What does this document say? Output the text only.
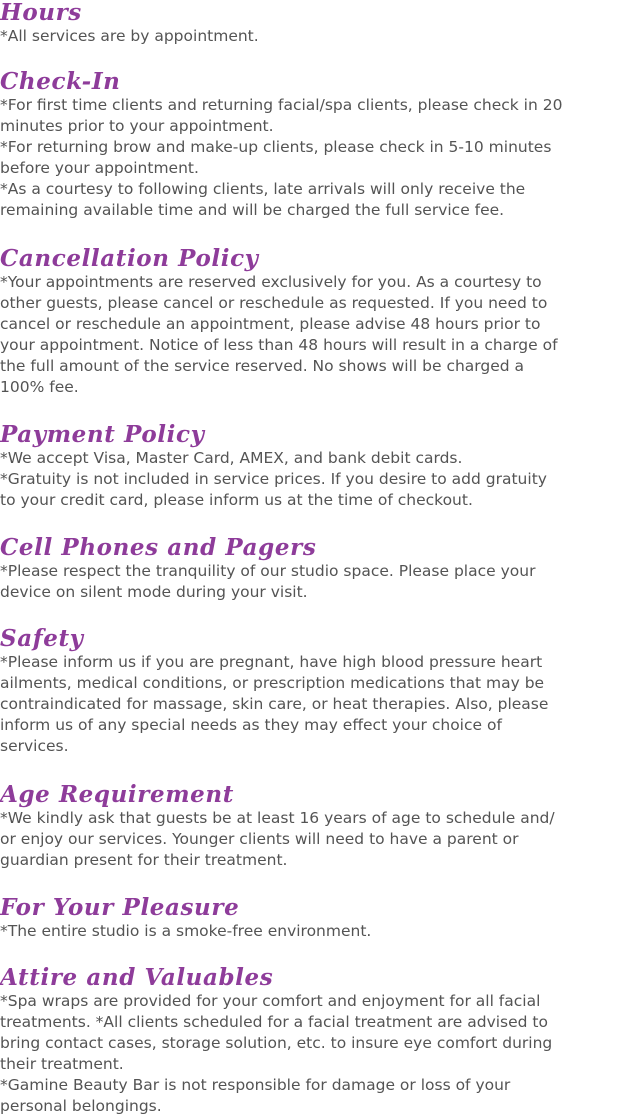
Hours

*All services are by appointment.

Check-In

*For first time clients and returning facial/spa clients, please check in 20
minutes prior to your appointment.

*For returning brow and make-up clients, please check in 5-10 minutes
before your appointment.

*As a courtesy to following clients, late arrivals will only receive the
remaining available time and will be charged the full service fee.

Cancellation Policy

*Your appointments are reserved exclusively for you. As a courtesy to
other guests, please cancel or reschedule as requested. If you need to
cancel or reschedule an appointment, please advise 48 hours prior to
your appointment. Notice of less than 48 hours will result in a charge of
the full amount of the service reserved. No shows will be charged a
100% fee.

Payment Policy

*We accept Visa, Master Card, AMEX, and bank debit cards.

*Gratuity is not included in service prices. If you desire to add gratuity
to your credit card, please inform us at the time of checkout.

Cell Phones and Pagers

*Please respect the tranquility of our studio space. Please place your
device on silent mode during your visit.

Safety

*Please inform us if you are pregnant, have high blood pressure heart
ailments, medical conditions, or prescription medications that may be
contraindicated for massage, skin care, or heat therapies. Also, please
inform us of any special needs as they may effect your choice of
services.

Age Requirement

*We kindly ask that guests be at least 16 years of age to schedule and/
or enjoy our services. Younger clients will need to have a parent or
guardian present for their treatment.

For Your Pleasure

*The entire studio is a smoke-free environment.

Attire and Valuables

*Spa wraps are provided for your comfort and enjoyment for all facial
treatments. *All clients scheduled for a facial treatment are advised to
bring contact cases, storage solution, etc. to insure eye comfort during
their treatment.

*Gamine Beauty Bar is not responsible for damage or loss of your
personal belongings.
